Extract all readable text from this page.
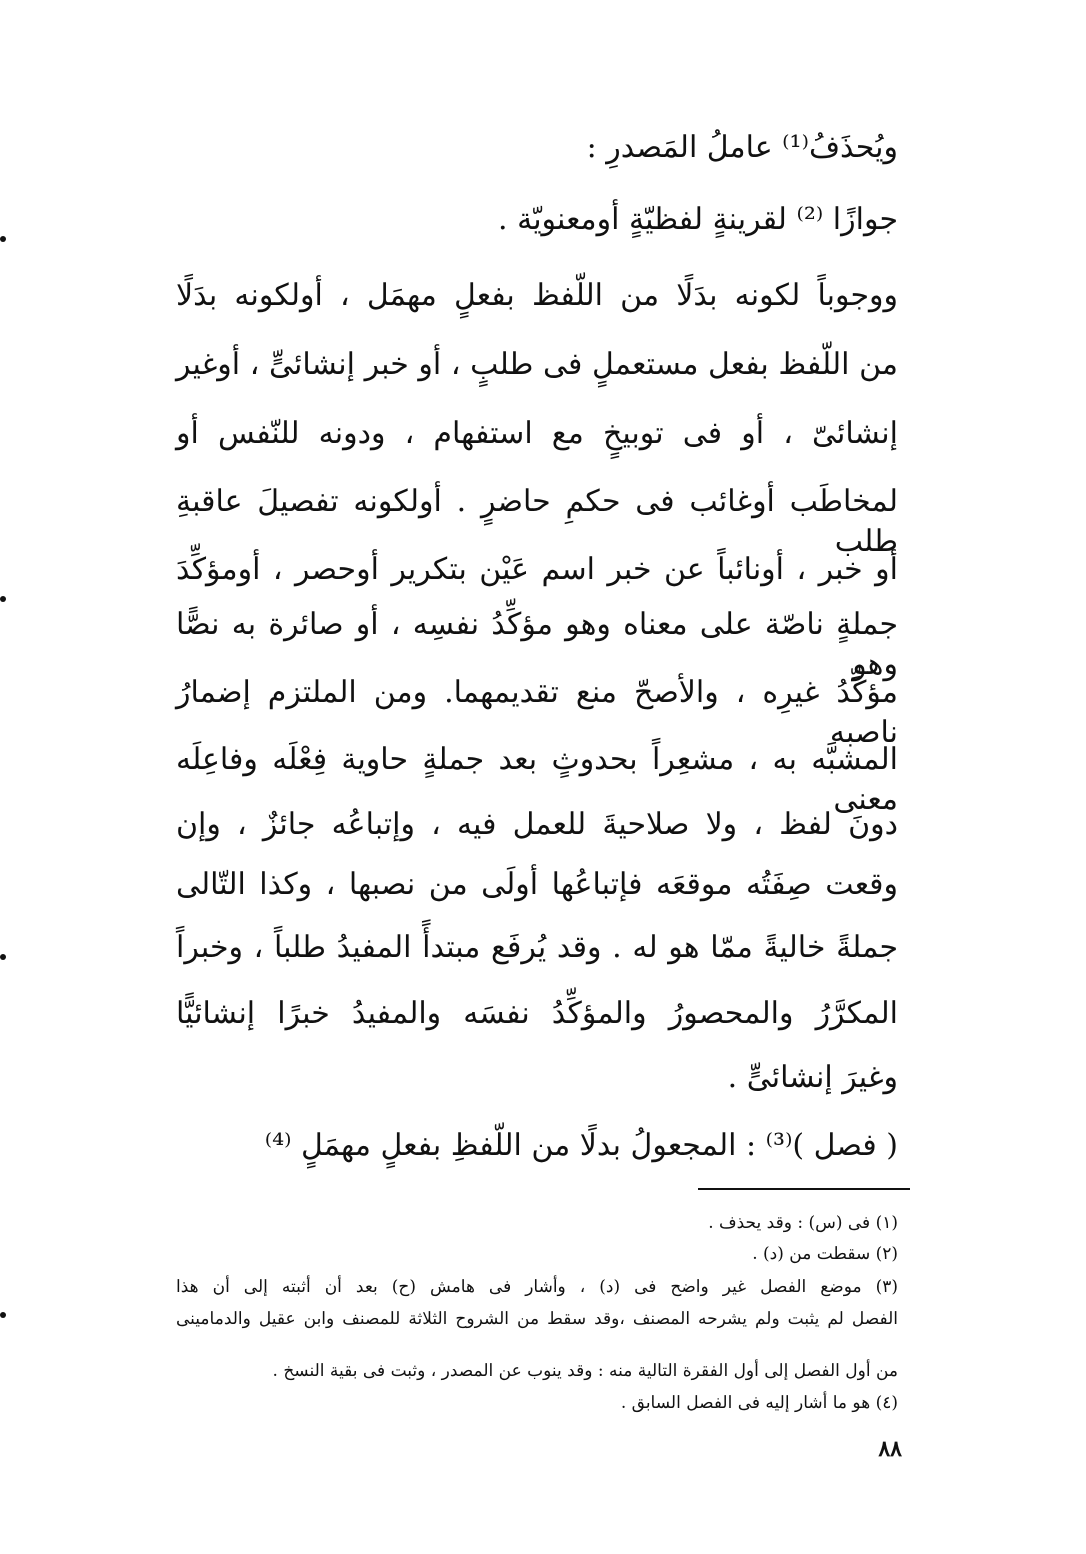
ويُحذَفُ⁽¹⁾ عاملُ المَصدرِ :
جوازًا ⁽²⁾ لقرينةٍ لفظيّةٍ أومعنويّة .
ووجوباً لكونه بدَلًا من اللّفظ بفعلٍ مهمَل ، أولكونه بدَلًا
من اللّفظ بفعل مستعملٍ فى طلبٍ ، أو خبر إنشائىٍّ ، أوغير
إنشائىّ ، أو فى توبيخٍ مع استفهام ، ودونه للنّفس أو
لمخاطَب أوغائب فى حكمِ حاضرٍ . أولكونه تفصيلَ عاقبةِ طلب
أو خبر ، أونائباً عن خبر اسم عَيْن بتكرير أوحصر ، أومؤكِّدَ
جملةٍ ناصّة على معناه وهو مؤكِّدُ نفسِه ، أو صائرة به نصًّا وهو
مؤكِّدُ غيرِه ، والأصحّ منع تقديمهما. ومن الملتزم إضمارُ ناصبه
المشبَّه به ، مشعِراً بحدوثٍ بعد جملةٍ حاوية فِعْلَه وفاعِلَه معنى
دونَ لفظ ، ولا صلاحيةَ للعمل فيه ، وإتباعُه جائزٌ ، وإن
وقعت صِفَتُه موقعَه فإتباعُها أولَى من نصبها ، وكذا التّالى
جملةً خاليةً ممّا هو له . وقد يُرفَع مبتدأً المفيدُ طلباً ، وخبراً
المكرَّرُ والمحصورُ والمؤكِّدُ نفسَه والمفيدُ خبرًا إنشائيًّا
وغيرَ إنشائىٍّ .
( فصل )⁽³⁾ : المجعولُ بدلًا من اللّفظِ بفعلٍ مهمَلٍ ⁽⁴⁾
(١) فى (س) : وقد يحذف .
(٢) سقطت من (د) .
(٣) موضع الفصل غير واضح فى (د) ، وأشار فى هامش (ح) بعد أن أثبته إلى أن هذا
الفصل لم يثبت ولم يشرحه المصنف ،وقد سقط من الشروح الثلاثة للمصنف وابن عقيل والدمامينى
من أول الفصل إلى أول الفقرة التالية منه : وقد ينوب عن المصدر ، وثبت فى بقية النسخ .
(٤) هو ما أشار إليه فى الفصل السابق .
٨٨
